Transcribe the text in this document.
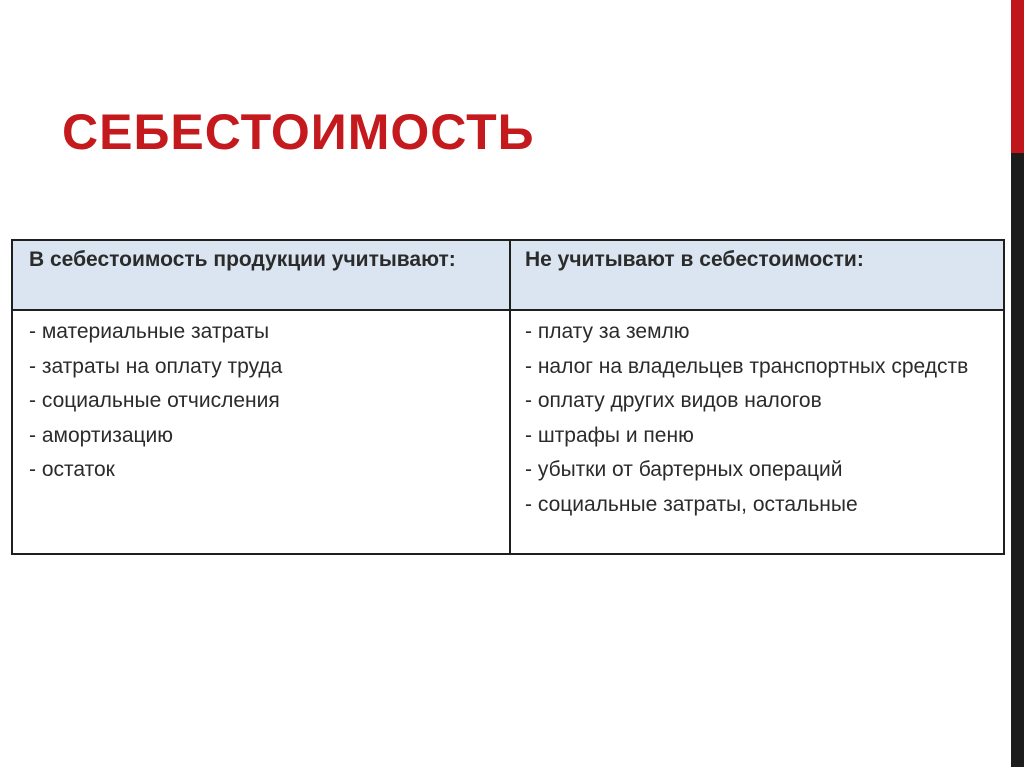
СЕБЕСТОИМОСТЬ
В себестоимость продукции учитывают:	Не учитывают в себестоимости:
- материальные затраты
- затраты на оплату труда
- социальные отчисления
- амортизацию
- остаток
- плату за землю
- налог на владельцев транспортных средств
- оплату других видов налогов
- штрафы и пеню
- убытки от бартерных операций
- социальные затраты, остальные
